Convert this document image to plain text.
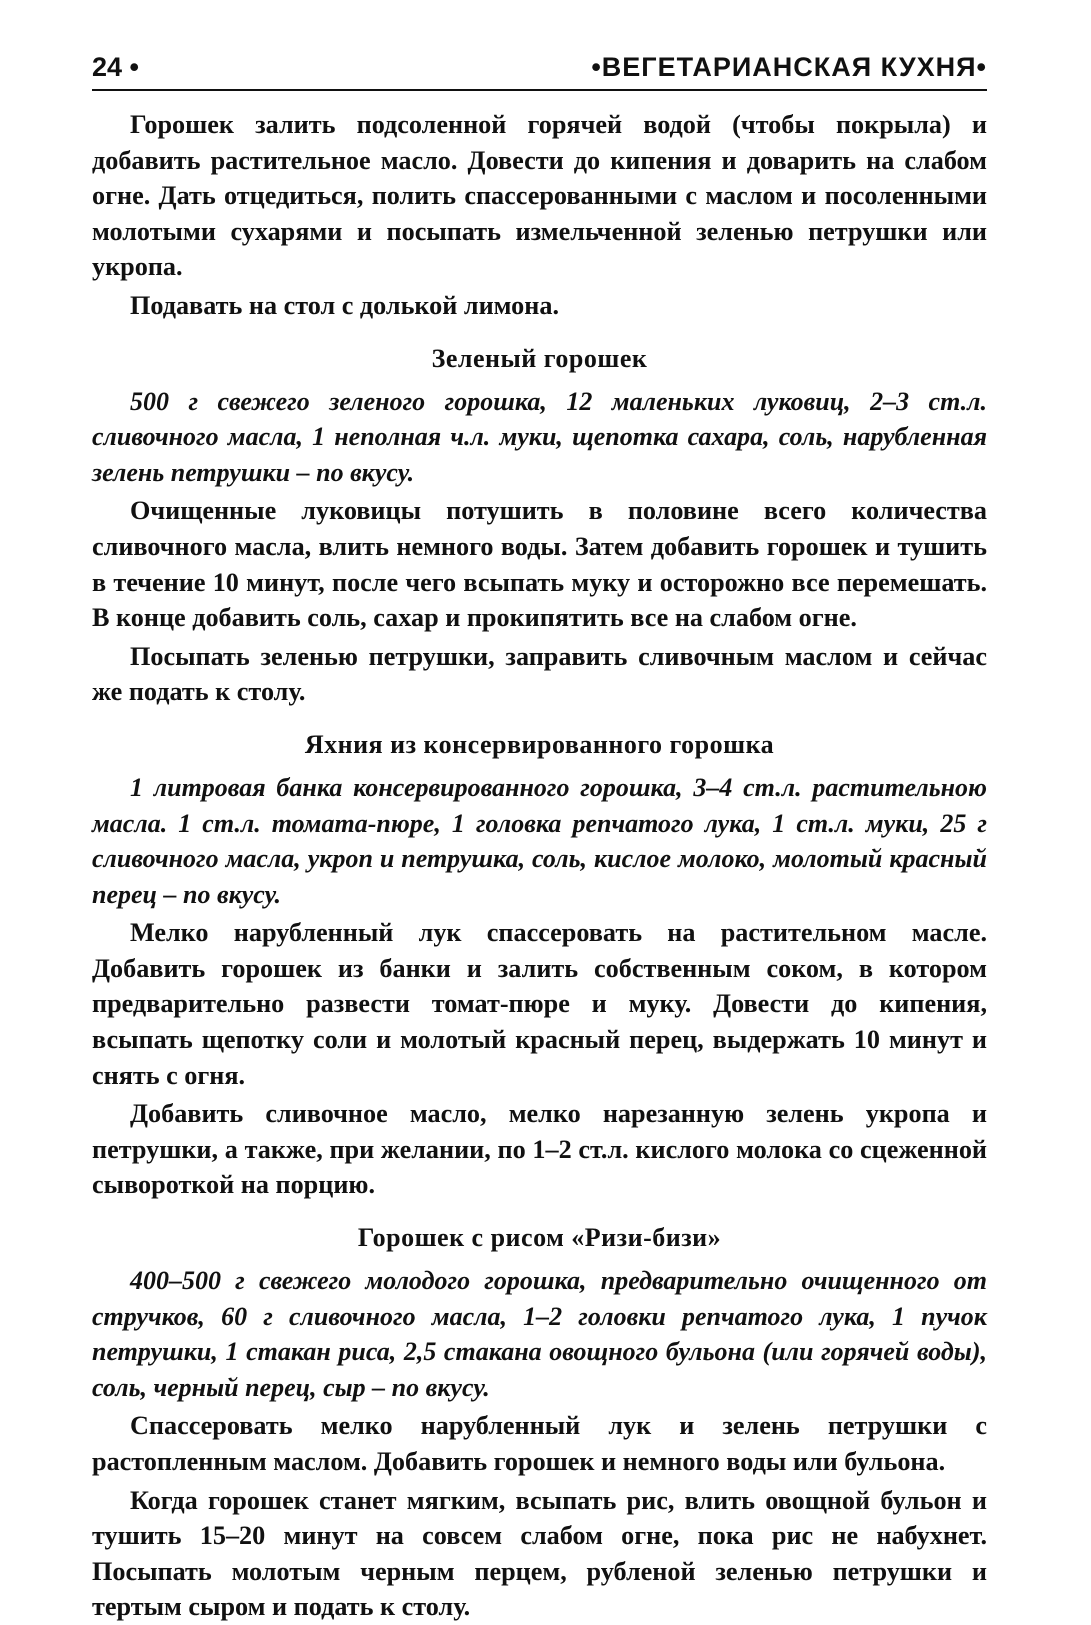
24 •	•ВЕГЕТАРИАНСКАЯ КУХНЯ•

Горошек залить подсоленной горячей водой (чтобы покрыла) и добавить растительное масло. Довести до кипения и доварить на слабом огне. Дать отцедиться, полить спассерованными с маслом и посоленными молотыми сухарями и посыпать измельченной зеленью петрушки или укропа.

Подавать на стол с долькой лимона.

Зеленый горошек

500 г свежего зеленого горошка, 12 маленьких луковиц, 2–3 ст.л. сливочного масла, 1 неполная ч.л. муки, щепотка сахара, соль, нарубленная зелень петрушки – по вкусу.

Очищенные луковицы потушить в половине всего количества сливочного масла, влить немного воды. Затем добавить горошек и тушить в течение 10 минут, после чего всыпать муку и осторожно все перемешать. В конце добавить соль, сахар и прокипятить все на слабом огне.

Посыпать зеленью петрушки, заправить сливочным маслом и сейчас же подать к столу.

Яхния из консервированного горошка

1 литровая банка консервированного горошка, 3–4 ст.л. растительною масла. 1 ст.л. томата-пюре, 1 головка репчатого лука, 1 ст.л. муки, 25 г сливочного масла, укроп и петрушка, соль, кислое молоко, молотый красный перец – по вкусу.

Мелко нарубленный лук спассеровать на растительном масле. Добавить горошек из банки и залить собственным соком, в котором предварительно развести томат-пюре и муку. Довести до кипения, всыпать щепотку соли и молотый красный перец, выдержать 10 минут и снять с огня.

Добавить сливочное масло, мелко нарезанную зелень укропа и петрушки, а также, при желании, по 1–2 ст.л. кислого молока со сцеженной сывороткой на порцию.

Горошек с рисом «Ризи-бизи»

400–500 г свежего молодого горошка, предварительно очищенного от стручков, 60 г сливочного масла, 1–2 головки репчатого лука, 1 пучок петрушки, 1 стакан риса, 2,5 стакана овощного бульона (или горячей воды), соль, черный перец, сыр – по вкусу.

Спассеровать мелко нарубленный лук и зелень петрушки с растопленным маслом. Добавить горошек и немного воды или бульона.

Когда горошек станет мягким, всыпать рис, влить овощной бульон и тушить 15–20 минут на совсем слабом огне, пока рис не набухнет. Посыпать молотым черным перцем, рубленой зеленью петрушки и тертым сыром и подать к столу.
